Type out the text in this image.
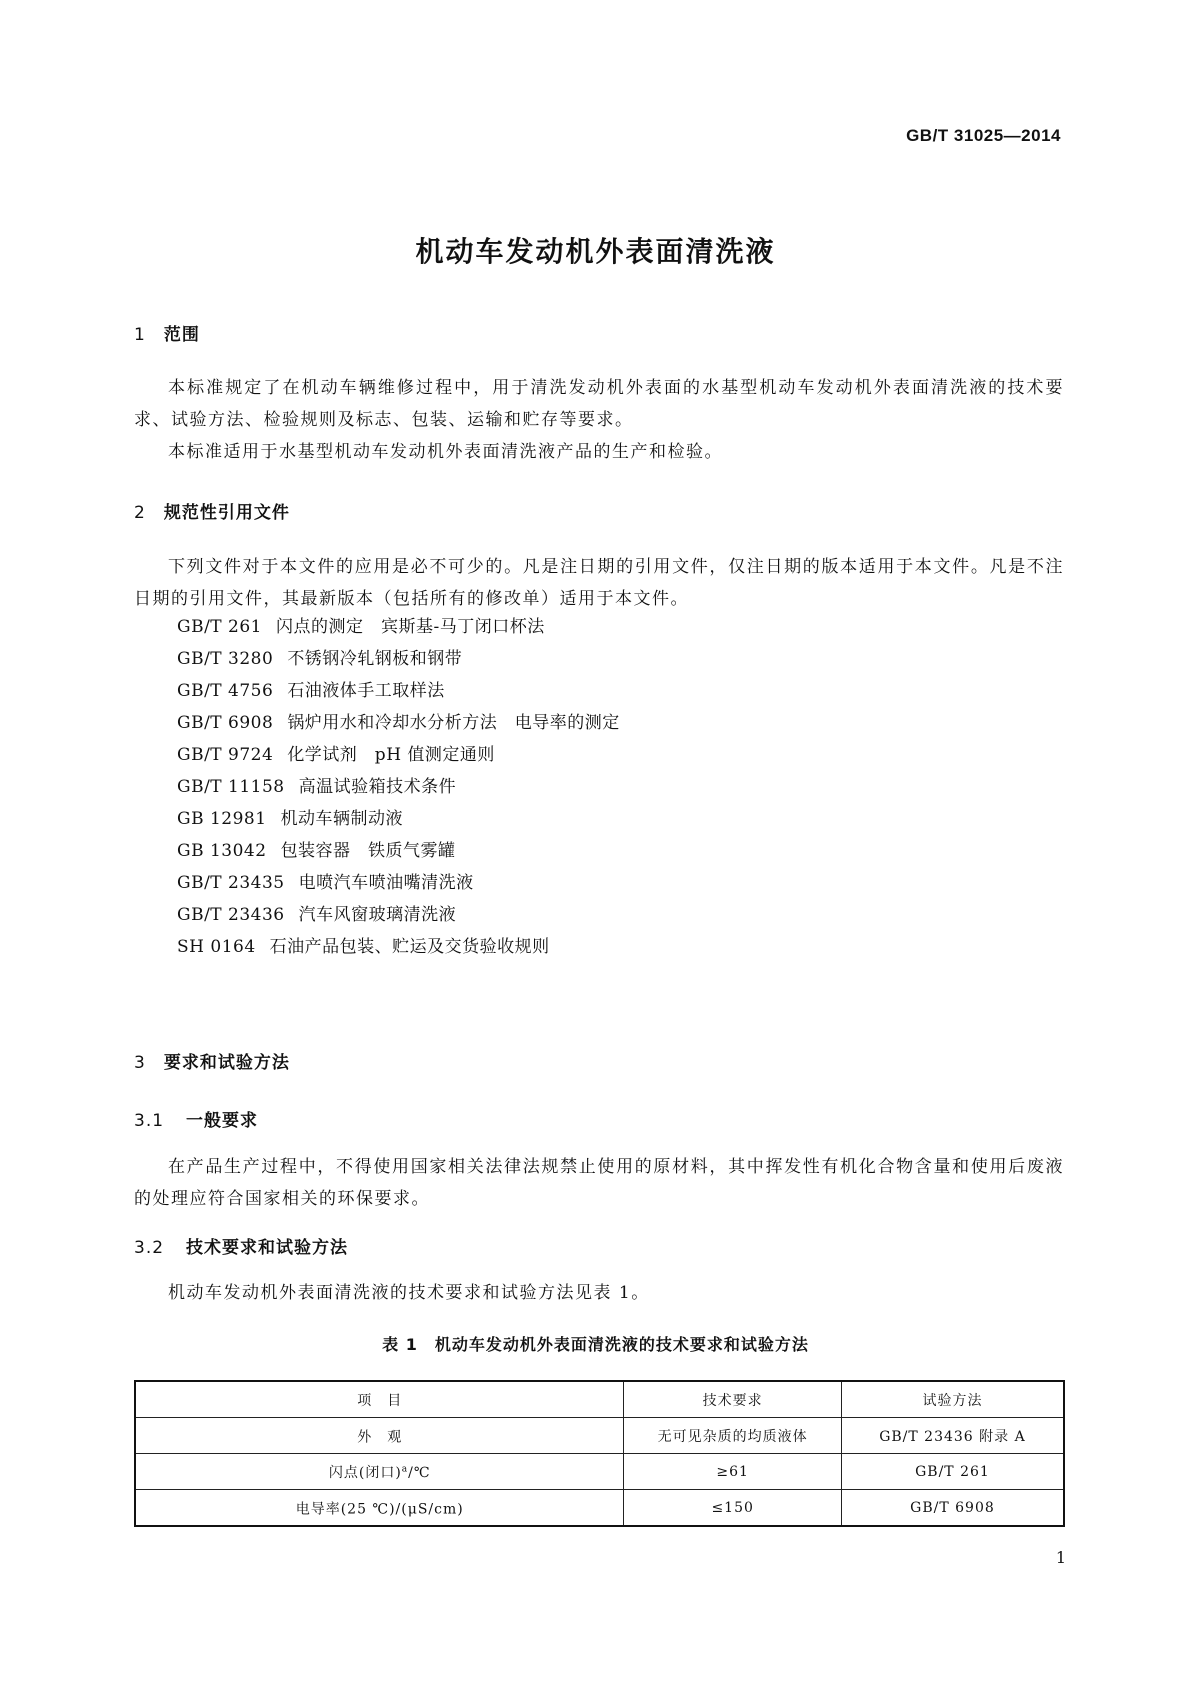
GB/T 31025—2014
机动车发动机外表面清洗液
1 范围

本标准规定了在机动车辆维修过程中，用于清洗发动机外表面的水基型机动车发动机外表面清洗液的技术要求、试验方法、检验规则及标志、包装、运输和贮存等要求。

本标准适用于水基型机动车发动机外表面清洗液产品的生产和检验。

2 规范性引用文件

下列文件对于本文件的应用是必不可少的。凡是注日期的引用文件，仅注日期的版本适用于本文件。凡是不注日期的引用文件，其最新版本（包括所有的修改单）适用于本文件。

GB/T 261 闪点的测定　宾斯基-马丁闭口杯法
GB/T 3280 不锈钢冷轧钢板和钢带
GB/T 4756 石油液体手工取样法
GB/T 6908 锅炉用水和冷却水分析方法　电导率的测定
GB/T 9724 化学试剂　pH 值测定通则
GB/T 11158 高温试验箱技术条件
GB 12981 机动车辆制动液
GB 13042 包装容器　铁质气雾罐
GB/T 23435 电喷汽车喷油嘴清洗液
GB/T 23436 汽车风窗玻璃清洗液
SH 0164 石油产品包装、贮运及交货验收规则
3 要求和试验方法
3.1 一般要求

在产品生产过程中，不得使用国家相关法律法规禁止使用的原材料，其中挥发性有机化合物含量和使用后废液的处理应符合国家相关的环保要求。

3.2 技术要求和试验方法

机动车发动机外表面清洗液的技术要求和试验方法见表 1。

表 1　机动车发动机外表面清洗液的技术要求和试验方法
项　目	技术要求	试验方法
外　观	无可见杂质的均质液体	GB/T 23436 附录 A
闪点(闭口)$^a$/℃	≥61	GB/T 261
电导率(25 ℃)/(μS/cm)	≤150	GB/T 6908
1
